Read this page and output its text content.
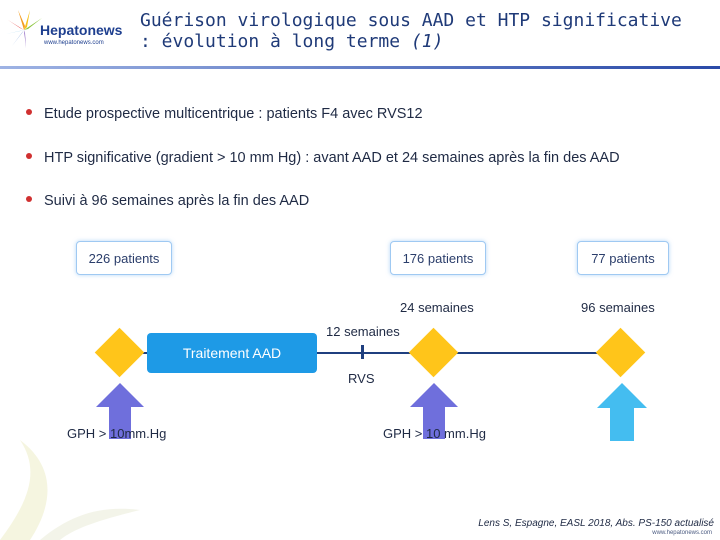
Hepatonews
www.hepatonews.com
Guérison virologique sous AAD et HTP significative : évolution à long terme (1)
Etude prospective multicentrique : patients F4 avec RVS12
HTP significative (gradient > 10 mm Hg) : avant AAD et 24 semaines après la fin des AAD
Suivi à 96 semaines après la fin des AAD
226 patients	176 patients	77 patients
24 semaines	96 semaines
12 semaines
Traitement AAD
RVS
GPH > 10mm.Hg	GPH > 10 mm.Hg
Lens S, Espagne, EASL 2018, Abs. PS-150 actualisé
www.hepatonews.com
